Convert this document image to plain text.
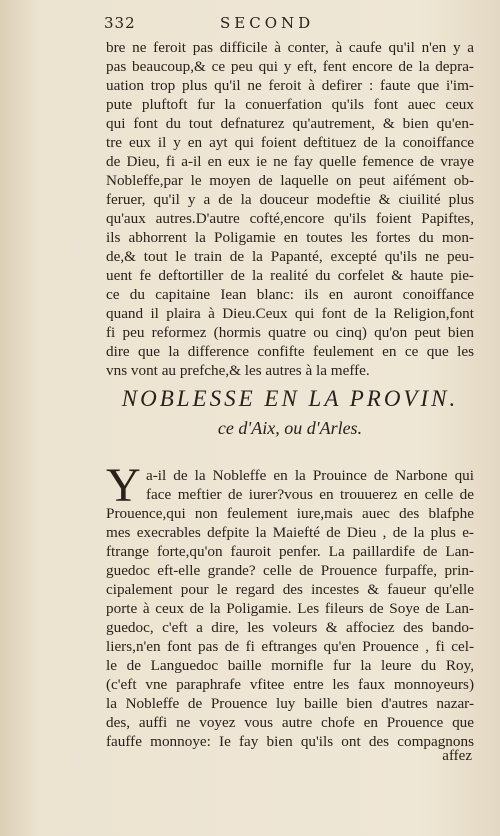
332	SECOND
bre ne feroit pas difficile à conter, à caufe qu'il n'en y a
pas beaucoup,& ce peu qui y eft, fent encore de la depra-
uation trop plus qu'il ne feroit à defirer : faute que i'im-
pute pluftoft fur la conuerfation qu'ils font auec ceux
qui font du tout defnaturez qu'autrement, & bien qu'en-
tre eux il y en ayt qui foient deftituez de la conoiffance
de Dieu, fi a-il en eux ie ne fay quelle femence de vraye
Nobleffe,par le moyen de laquelle on peut aifément ob-
feruer, qu'il y a de la douceur modeftie & ciuilité plus
qu'aux autres.D'autre cofté,encore qu'ils foient Papiftes,
ils abhorrent la Poligamie en toutes les fortes du mon-
de,& tout le train de la Papanté, excepté qu'ils ne peu-
uent fe deftortiller de la realité du corfelet & haute pie-
ce du capitaine Iean blanc: ils en auront conoiffance
quand il plaira à Dieu.Ceux qui font de la Religion,font
fi peu reformez (hormis quatre ou cinq) qu'on peut bien
dire que la difference confifte feulement en ce que les
vns vont au prefche,& les autres à la meffe.
NOBLESSE EN LA PROVIN.
ce d'Aix, ou d'Arles.
Y a-il de la Nobleffe en la Prouince de Narbone qui
face meftier de iurer?vous en trouuerez en celle de
Prouence,qui non feulement iure,mais auec des blafphe
mes execrables defpite la Maiefté de Dieu , de la plus e-
ftrange forte,qu'on fauroit penfer. La paillardife de Lan-
guedoc eft-elle grande? celle de Prouence furpaffe, prin-
cipalement pour le regard des incestes & faueur qu'elle
porte à ceux de la Poligamie. Les fileurs de Soye de Lan-
guedoc, c'eft a dire, les voleurs & affociez des bando-
liers,n'en font pas de fi eftranges qu'en Prouence , fi cel-
le de Languedoc baille mornifle fur la leure du Roy,
(c'eft vne paraphrafe vfitee entre les faux monnoyeurs)
la Nobleffe de Prouence luy baille bien d'autres nazar-
des, auffi ne voyez vous autre chofe en Prouence que
fauffe monnoye: Ie fay bien qu'ils ont des compagnons
affez
